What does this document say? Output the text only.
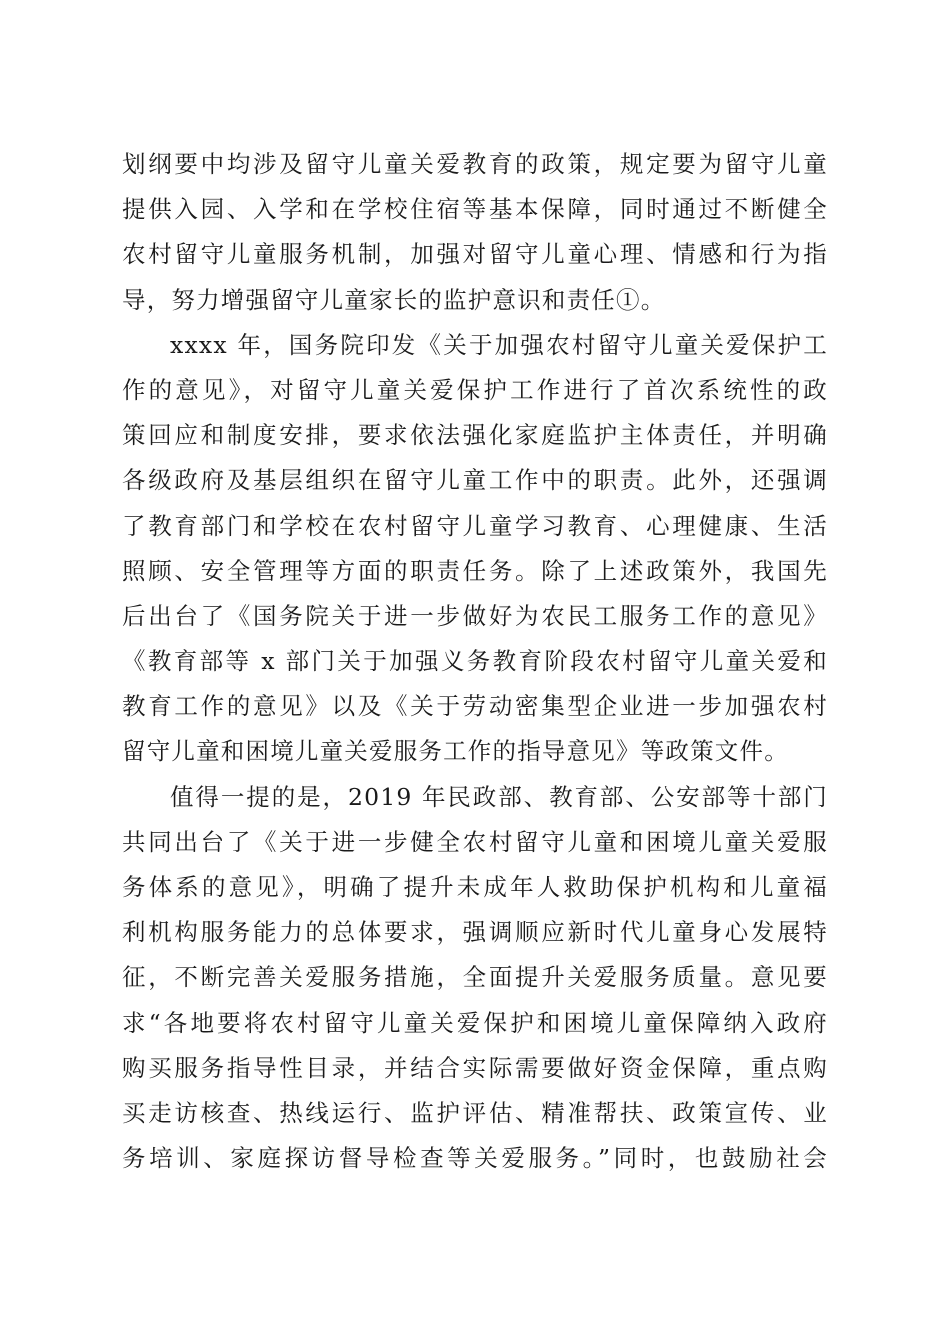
划纲要中均涉及留守儿童关爱教育的政策，规定要为留守儿童
提供入园、入学和在学校住宿等基本保障，同时通过不断健全
农村留守儿童服务机制，加强对留守儿童心理、情感和行为指
导，努力增强留守儿童家长的监护意识和责任①。
xxxx 年，国务院印发《关于加强农村留守儿童关爱保护工
作的意见》，对留守儿童关爱保护工作进行了首次系统性的政
策回应和制度安排，要求依法强化家庭监护主体责任，并明确
各级政府及基层组织在留守儿童工作中的职责。此外，还强调
了教育部门和学校在农村留守儿童学习教育、心理健康、生活
照顾、安全管理等方面的职责任务。除了上述政策外，我国先
后出台了《国务院关于进一步做好为农民工服务工作的意见》
《教育部等 x 部门关于加强义务教育阶段农村留守儿童关爱和
教育工作的意见》以及《关于劳动密集型企业进一步加强农村
留守儿童和困境儿童关爱服务工作的指导意见》等政策文件。
值得一提的是，2019 年民政部、教育部、公安部等十部门
共同出台了《关于进一步健全农村留守儿童和困境儿童关爱服
务体系的意见》，明确了提升未成年人救助保护机构和儿童福
利机构服务能力的总体要求，强调顺应新时代儿童身心发展特
征，不断完善关爱服务措施，全面提升关爱服务质量。意见要
求“各地要将农村留守儿童关爱保护和困境儿童保障纳入政府
购买服务指导性目录，并结合实际需要做好资金保障，重点购
买走访核查、热线运行、监护评估、精准帮扶、政策宣传、业
务培训、家庭探访督导检查等关爱服务。”同时，也鼓励社会
